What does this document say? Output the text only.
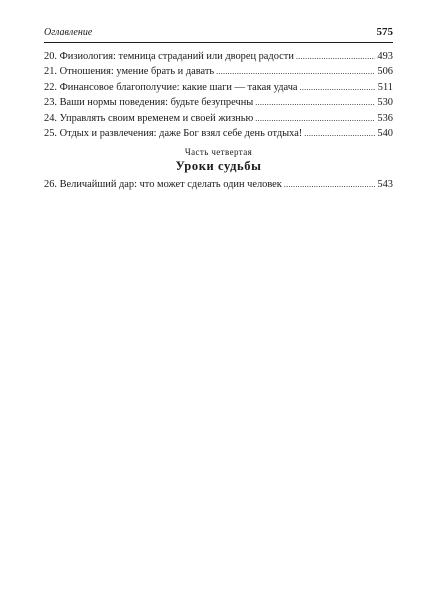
Оглавление	575
20. Физиология: темница страданий или дворец радости .....	493
21. Отношения: умение брать и давать .....	506
22. Финансовое благополучие: какие шаги — такая удача .....	511
23. Ваши нормы поведения: будьте безупречны .....	530
24. Управлять своим временем и своей жизнью .....	536
25. Отдых и развлечения: даже Бог взял себе день отдыха! .....	540
Часть четвертая
Уроки судьбы
26. Величайший дар: что может сделать один человек .....	543
